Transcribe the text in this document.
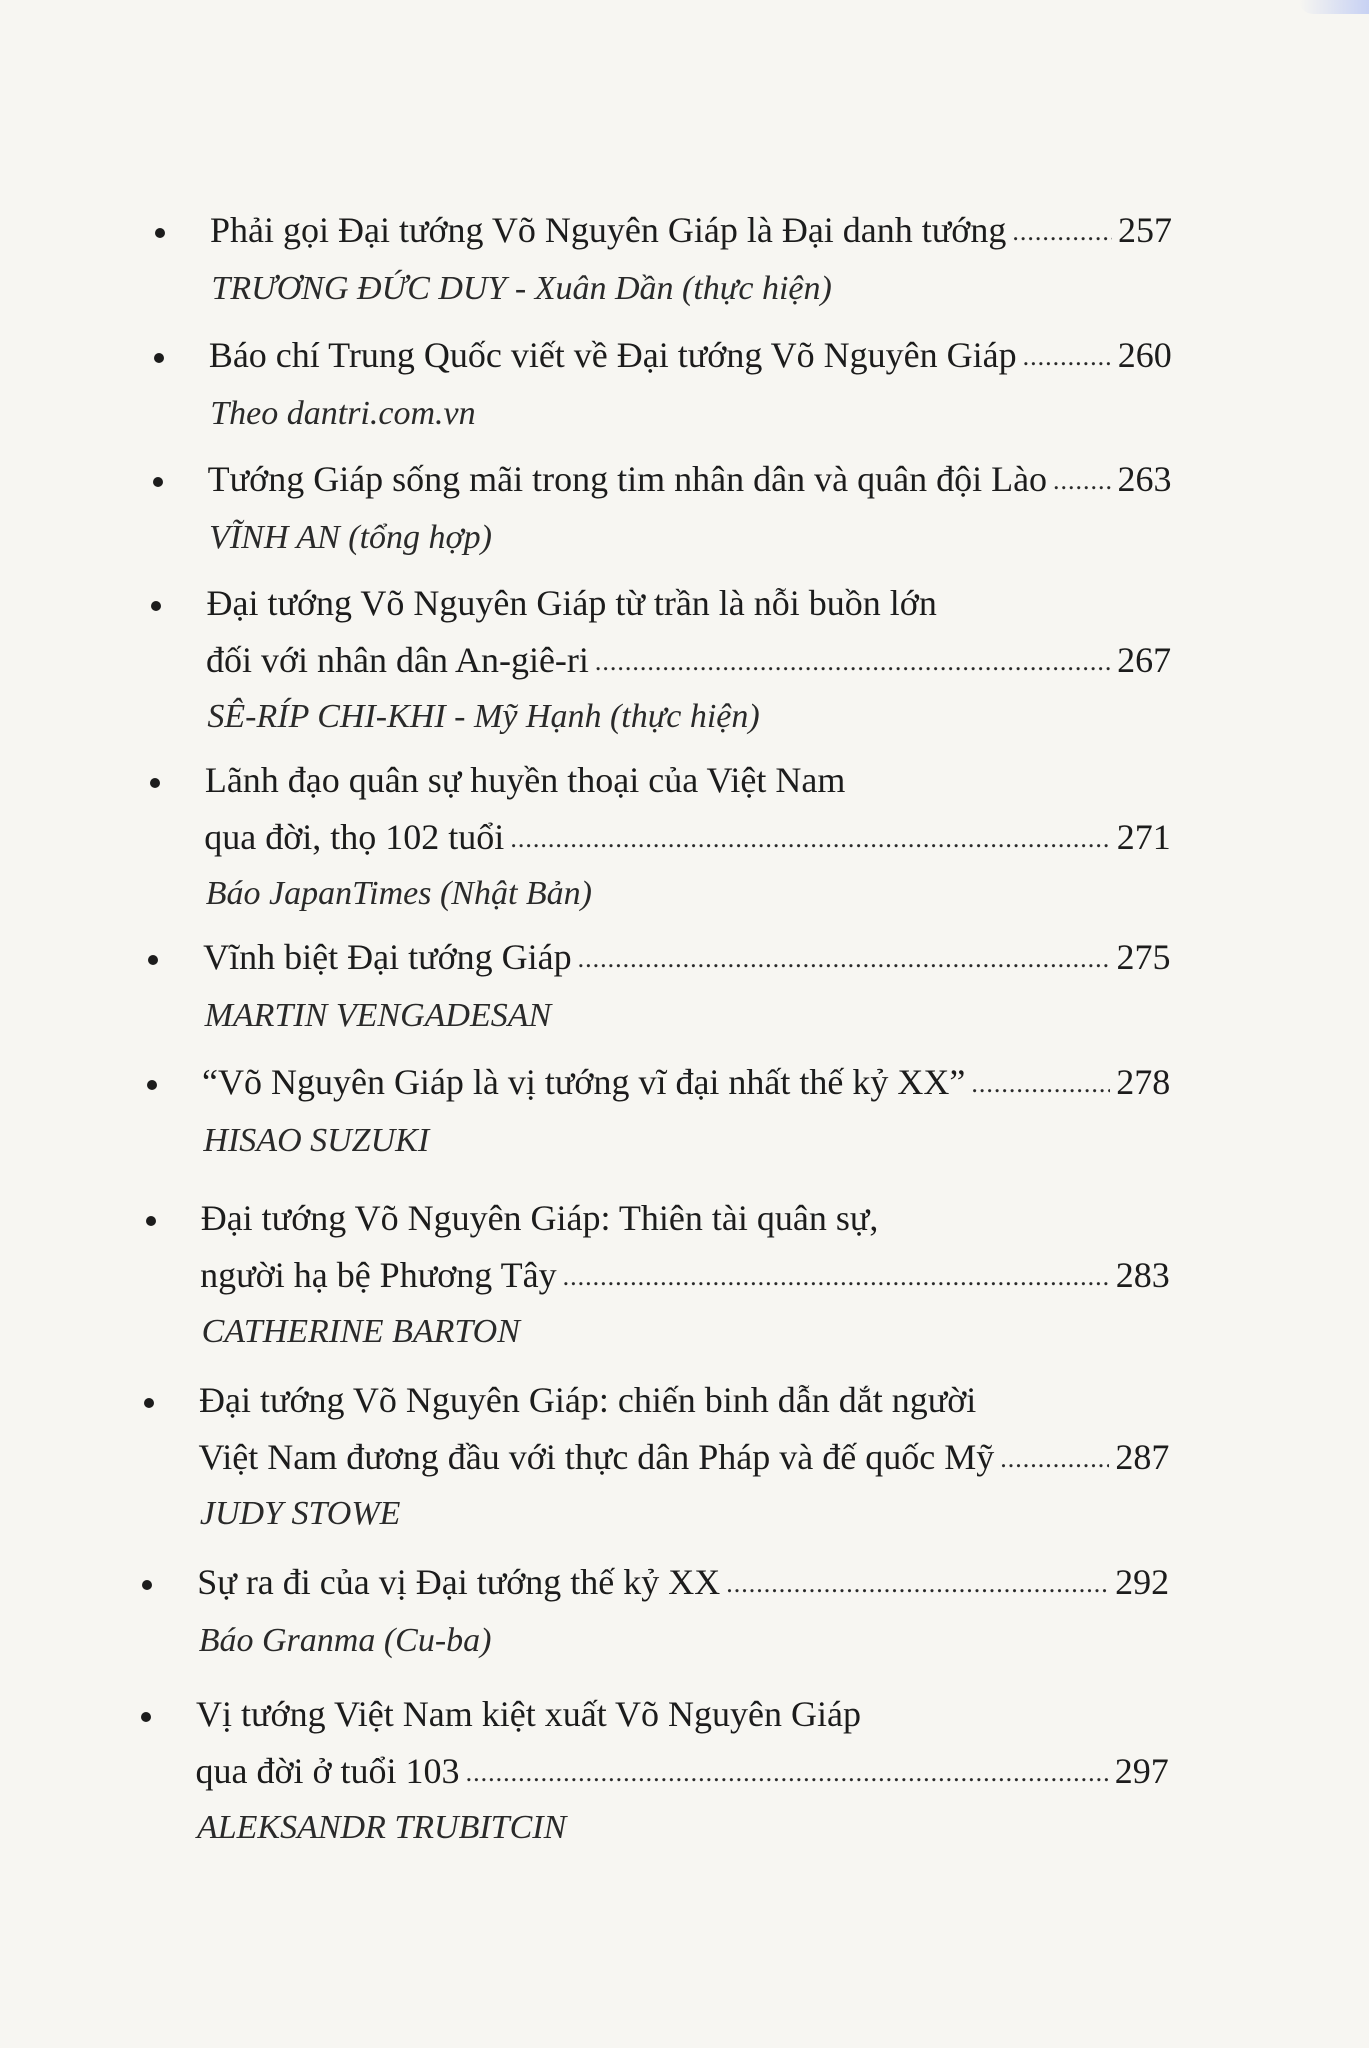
Phải gọi Đại tướng Võ Nguyên Giáp là Đại danh tướng .....	257
TRƯƠNG ĐỨC DUY - Xuân Dần (thực hiện)
Báo chí Trung Quốc viết về Đại tướng Võ Nguyên Giáp .....	260
Theo dantri.com.vn
Tướng Giáp sống mãi trong tim nhân dân và quân đội Lào ..... 263
VĨNH AN (tổng hợp)
Đại tướng Võ Nguyên Giáp từ trần là nỗi buồn lớn
đối với nhân dân An-giê-ri .....	267
SÊ-RÍP CHI-KHI - Mỹ Hạnh (thực hiện)
Lãnh đạo quân sự huyền thoại của Việt Nam
qua đời, thọ 102 tuổi .....	271
Báo JapanTimes (Nhật Bản)
Vĩnh biệt Đại tướng Giáp .....	275
MARTIN VENGADESAN
“Võ Nguyên Giáp là vị tướng vĩ đại nhất thế kỷ XX” .....	278
HISAO SUZUKI
Đại tướng Võ Nguyên Giáp: Thiên tài quân sự,
người hạ bệ Phương Tây .....	283
CATHERINE BARTON
Đại tướng Võ Nguyên Giáp: chiến binh dẫn dắt người
Việt Nam đương đầu với thực dân Pháp và đế quốc Mỹ .....	287
JUDY STOWE
Sự ra đi của vị Đại tướng thế kỷ XX .....	292
Báo Granma (Cu-ba)
Vị tướng Việt Nam kiệt xuất Võ Nguyên Giáp
qua đời ở tuổi 103 .....	297
ALEKSANDR TRUBITCIN
